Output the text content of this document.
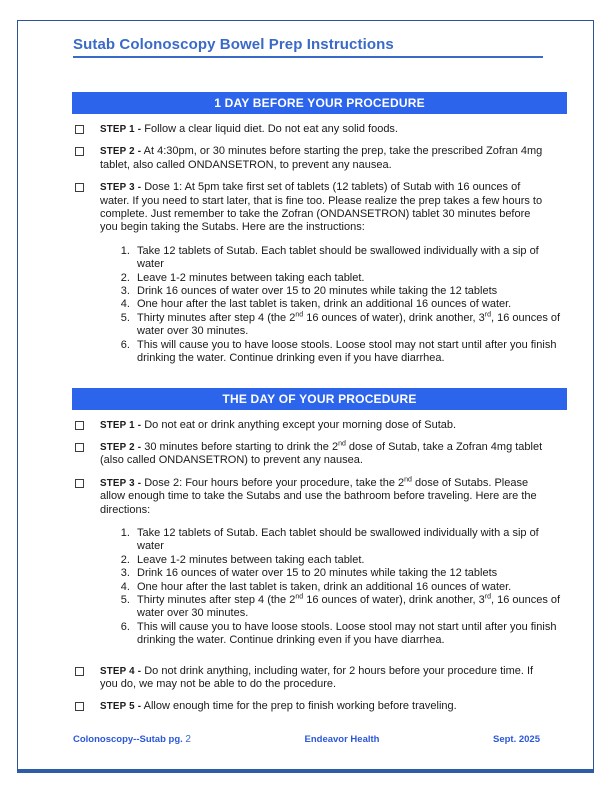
Sutab Colonoscopy Bowel Prep Instructions
1 DAY BEFORE YOUR PROCEDURE

STEP 1 - Follow a clear liquid diet. Do not eat any solid foods.

STEP 2 - At 4:30pm, or 30 minutes before starting the prep, take the prescribed Zofran 4mg tablet, also called ONDANSETRON, to prevent any nausea.

STEP 3 - Dose 1: At 5pm take first set of tablets (12 tablets) of Sutab with 16 ounces of water. If you need to start later, that is fine too. Please realize the prep takes a few hours to complete. Just remember to take the Zofran (ONDANSETRON) tablet 30 minutes before you begin taking the Sutabs. Here are the instructions:

1. Take 12 tablets of Sutab. Each tablet should be swallowed individually with a sip of water
2. Leave 1-2 minutes between taking each tablet.
3. Drink 16 ounces of water over 15 to 20 minutes while taking the 12 tablets
4. One hour after the last tablet is taken, drink an additional 16 ounces of water.
5. Thirty minutes after step 4 (the 2nd 16 ounces of water), drink another, 3rd, 16 ounces of water over 30 minutes.
6. This will cause you to have loose stools. Loose stool may not start until after you finish drinking the water. Continue drinking even if you have diarrhea.
THE DAY OF YOUR PROCEDURE

STEP 1 - Do not eat or drink anything except your morning dose of Sutab.

STEP 2 - 30 minutes before starting to drink the 2nd dose of Sutab, take a Zofran 4mg tablet (also called ONDANSETRON) to prevent any nausea.

STEP 3 - Dose 2: Four hours before your procedure, take the 2nd dose of Sutabs. Please allow enough time to take the Sutabs and use the bathroom before traveling. Here are the directions:

1. Take 12 tablets of Sutab. Each tablet should be swallowed individually with a sip of water
2. Leave 1-2 minutes between taking each tablet.
3. Drink 16 ounces of water over 15 to 20 minutes while taking the 12 tablets
4. One hour after the last tablet is taken, drink an additional 16 ounces of water.
5. Thirty minutes after step 4 (the 2nd 16 ounces of water), drink another, 3rd, 16 ounces of water over 30 minutes.
6. This will cause you to have loose stools. Loose stool may not start until after you finish drinking the water. Continue drinking even if you have diarrhea.

STEP 4 - Do not drink anything, including water, for 2 hours before your procedure time. If you do, we may not be able to do the procedure.

STEP 5 - Allow enough time for the prep to finish working before traveling.

Colonoscopy--Sutab pg. 2	Endeavor Health	Sept. 2025
